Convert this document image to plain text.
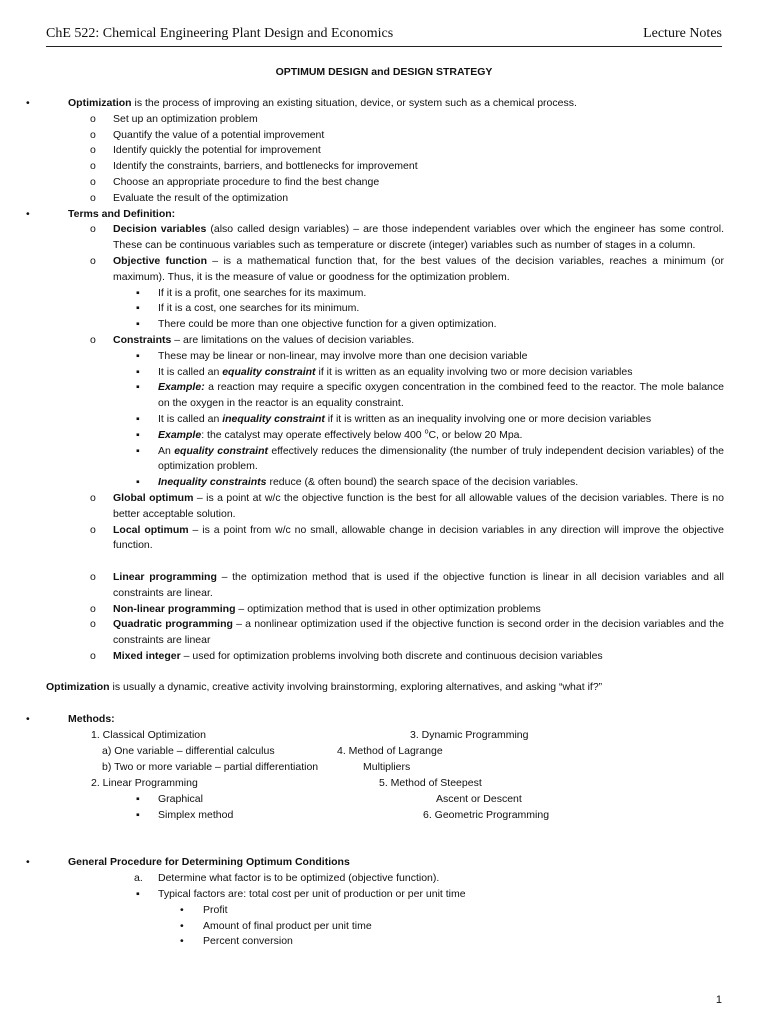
ChE 522: Chemical Engineering Plant Design and Economics	Lecture Notes
OPTIMUM DESIGN and DESIGN STRATEGY
•	Optimization is the process of improving an existing situation, device, or system such as a chemical process.
o Set up an optimization problem
o Quantify the value of a potential improvement
o Identify quickly the potential for improvement
o Identify the constraints, barriers, and bottlenecks for improvement
o Choose an appropriate procedure to find the best change
o Evaluate the result of the optimization
•	Terms and Definition:
o Decision variables (also called design variables) – are those independent variables over which the engineer has some control. These can be continuous variables such as temperature or discrete (integer) variables such as number of stages in a column.
o Objective function – is a mathematical function that, for the best values of the decision variables, reaches a minimum (or maximum). Thus, it is the measure of value or goodness for the optimization problem.
▪ If it is a profit, one searches for its maximum.
▪ If it is a cost, one searches for its minimum.
▪ There could be more than one objective function for a given optimization.
o Constraints – are limitations on the values of decision variables.
▪ These may be linear or non-linear, may involve more than one decision variable
▪ It is called an equality constraint if it is written as an equality involving two or more decision variables
▪ Example: a reaction may require a specific oxygen concentration in the combined feed to the reactor. The mole balance on the oxygen in the reactor is an equality constraint.
▪ It is called an inequality constraint if it is written as an inequality involving one or more decision variables
▪ Example: the catalyst may operate effectively below 400 $^o$C, or below 20 Mpa.
▪ An equality constraint effectively reduces the dimensionality (the number of truly independent decision variables) of the optimization problem.
▪ Inequality constraints reduce (& often bound) the search space of the decision variables.
o Global optimum – is a point at w/c the objective function is the best for all allowable values of the decision variables. There is no better acceptable solution.
o Local optimum – is a point from w/c no small, allowable change in decision variables in any direction will improve the objective function.
o Linear programming – the optimization method that is used if the objective function is linear in all decision variables and all constraints are linear.
o Non-linear programming – optimization method that is used in other optimization problems
o Quadratic programming – a nonlinear optimization used if the objective function is second order in the decision variables and the constraints are linear
o Mixed integer – used for optimization problems involving both discrete and continuous decision variables
Optimization is usually a dynamic, creative activity involving brainstorming, exploring alternatives, and asking “what if?”
•	Methods:
1. Classical Optimization	3. Dynamic Programming
a) One variable – differential calculus	4. Method of Lagrange
b) Two or more variable – partial differentiation	Multipliers
2. Linear Programming	5. Method of Steepest
▪ Graphical	Ascent or Descent
▪ Simplex method	6. Geometric Programming
•	General Procedure for Determining Optimum Conditions
a. Determine what factor is to be optimized (objective function).
▪ Typical factors are: total cost per unit of production or per unit time
• Profit
• Amount of final product per unit time
• Percent conversion
1
